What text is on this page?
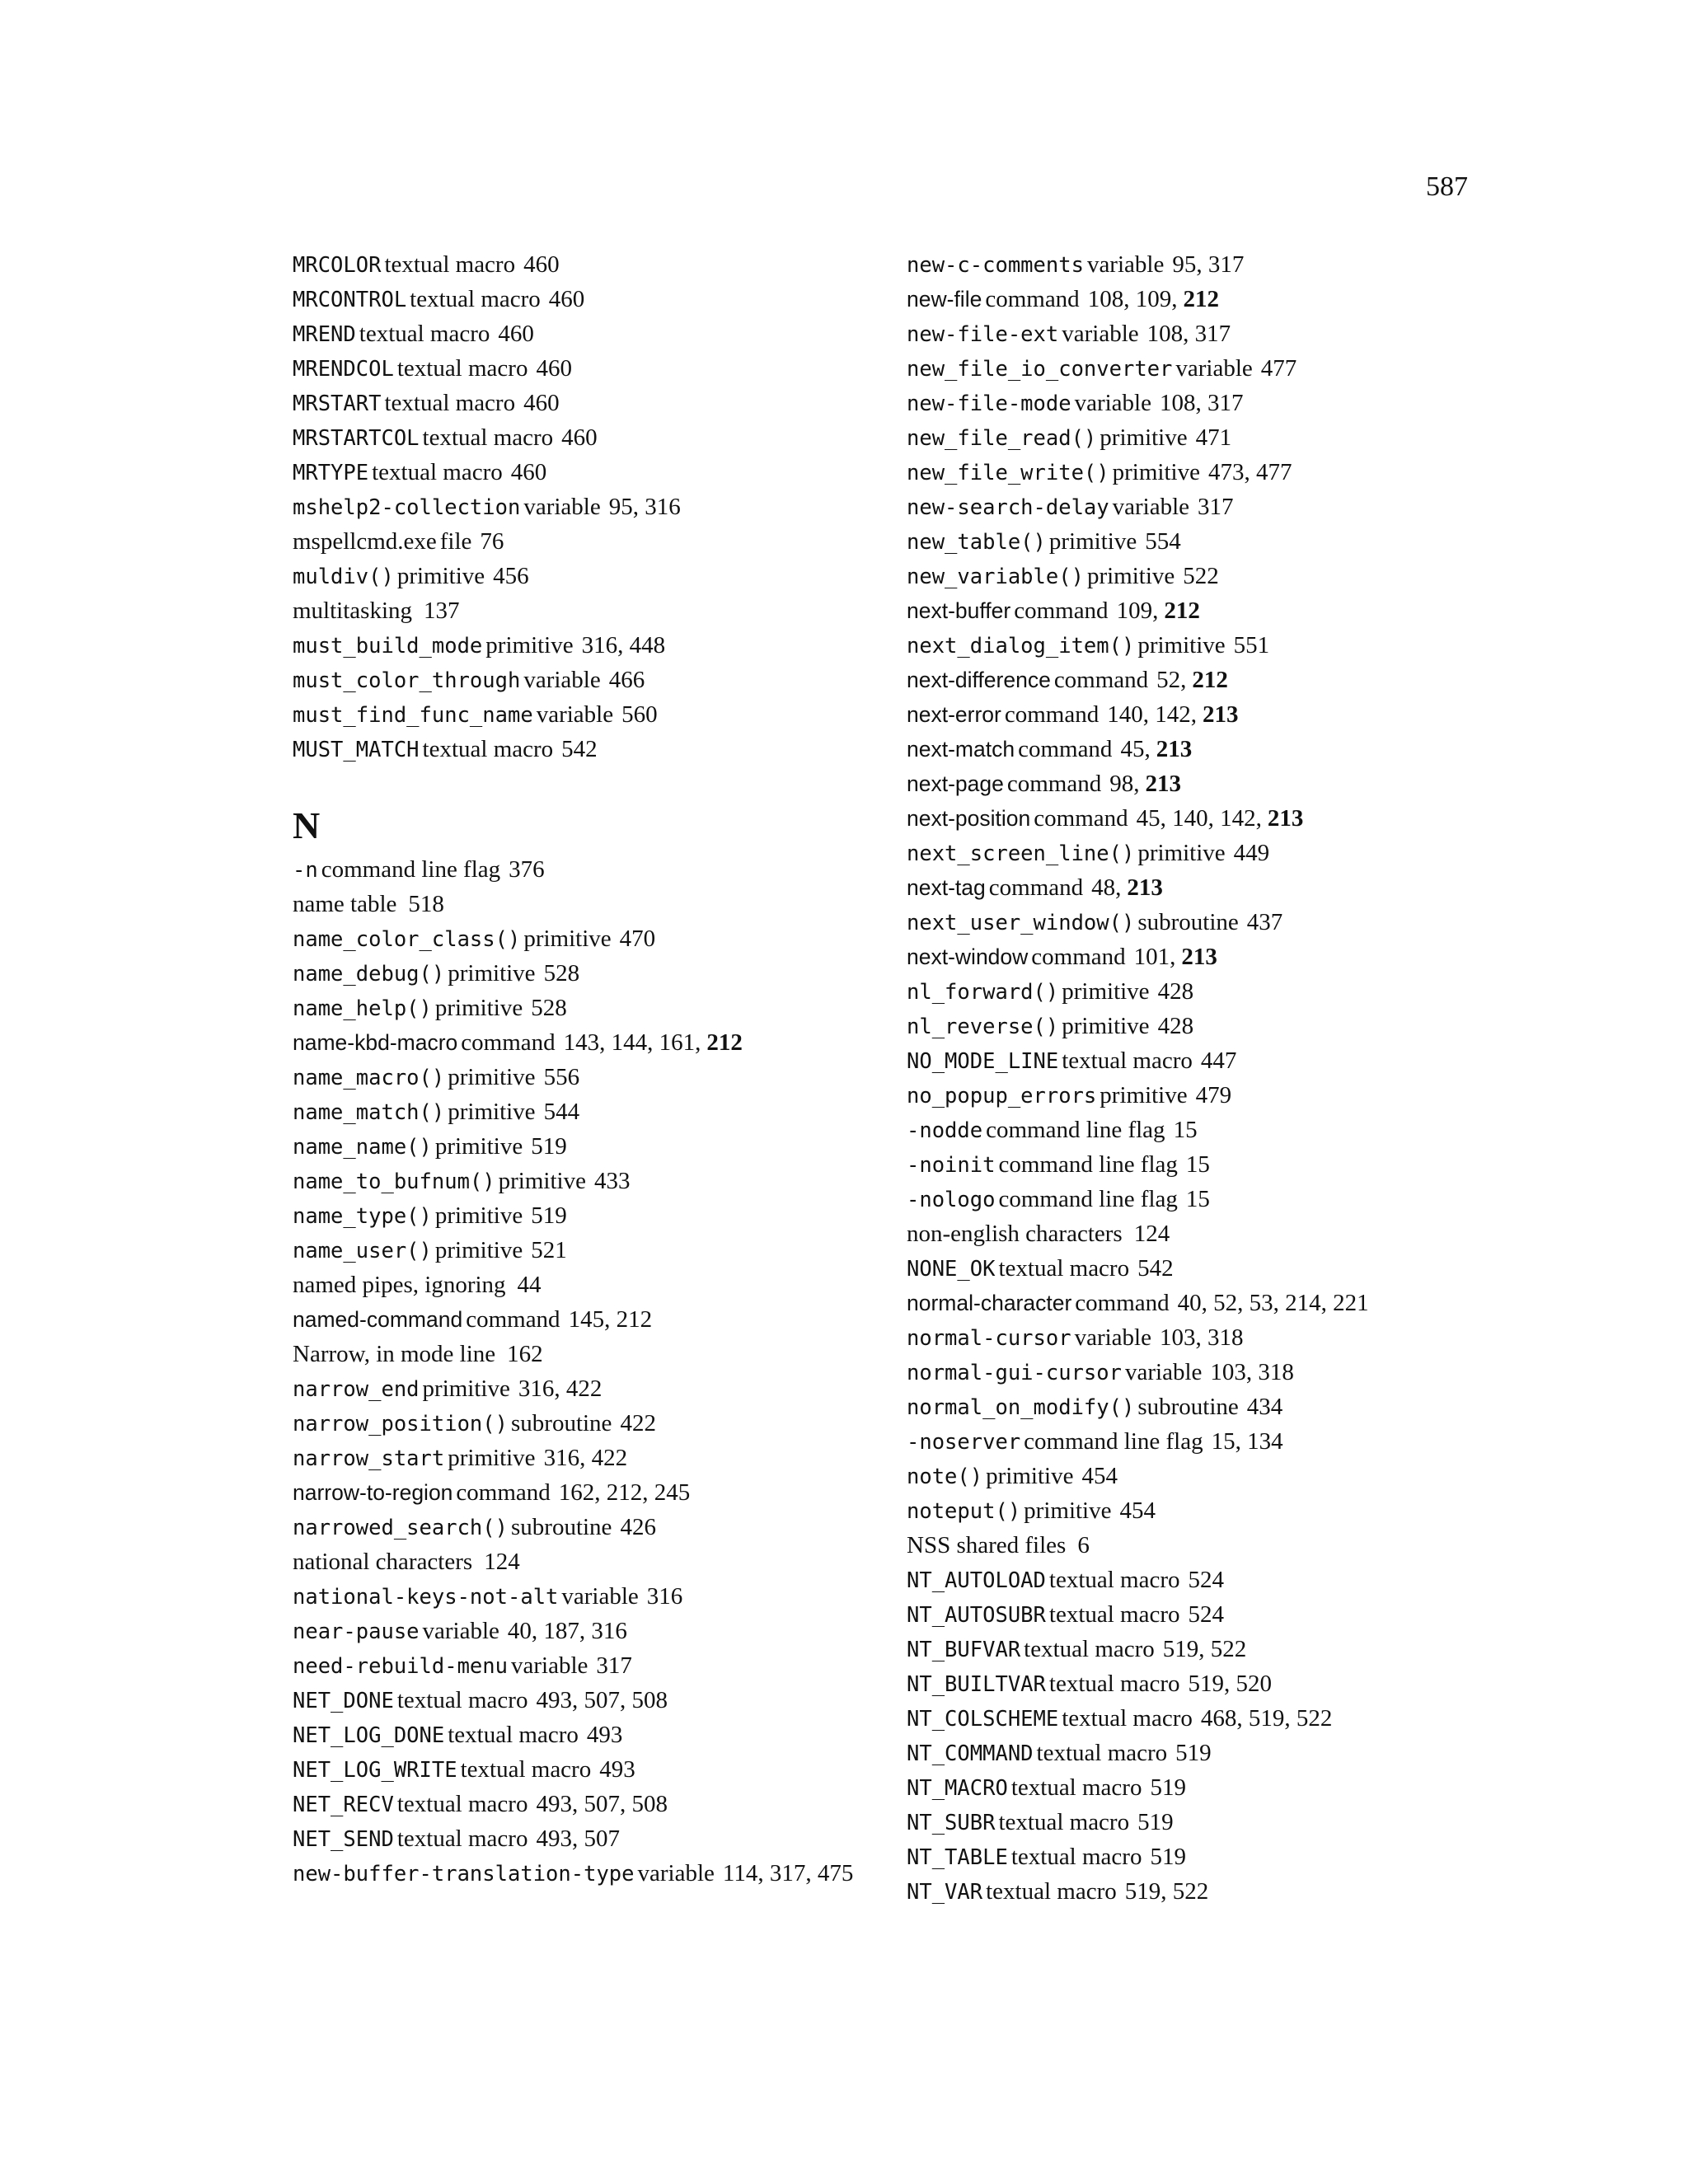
587
MRCOLOR textual macro 460
MRCONTROL textual macro 460
MREND textual macro 460
MRENDCOL textual macro 460
MRSTART textual macro 460
MRSTARTCOL textual macro 460
MRTYPE textual macro 460
mshelp2-collection variable 95, 316
mspellcmd.exe file 76
muldiv() primitive 456
multitasking 137
must_build_mode primitive 316, 448
must_color_through variable 466
must_find_func_name variable 560
MUST_MATCH textual macro 542
N
-n command line flag 376
name table 518
name_color_class() primitive 470
name_debug() primitive 528
name_help() primitive 528
name-kbd-macro command 143, 144, 161, 212
name_macro() primitive 556
name_match() primitive 544
name_name() primitive 519
name_to_bufnum() primitive 433
name_type() primitive 519
name_user() primitive 521
named pipes, ignoring 44
named-command command 145, 212
Narrow, in mode line 162
narrow_end primitive 316, 422
narrow_position() subroutine 422
narrow_start primitive 316, 422
narrow-to-region command 162, 212, 245
narrowed_search() subroutine 426
national characters 124
national-keys-not-alt variable 316
near-pause variable 40, 187, 316
need-rebuild-menu variable 317
NET_DONE textual macro 493, 507, 508
NET_LOG_DONE textual macro 493
NET_LOG_WRITE textual macro 493
NET_RECV textual macro 493, 507, 508
NET_SEND textual macro 493, 507
new-buffer-translation-type variable 114, 317, 475
new-c-comments variable 95, 317
new-file command 108, 109, 212
new-file-ext variable 108, 317
new_file_io_converter variable 477
new-file-mode variable 108, 317
new_file_read() primitive 471
new_file_write() primitive 473, 477
new-search-delay variable 317
new_table() primitive 554
new_variable() primitive 522
next-buffer command 109, 212
next_dialog_item() primitive 551
next-difference command 52, 212
next-error command 140, 142, 213
next-match command 45, 213
next-page command 98, 213
next-position command 45, 140, 142, 213
next_screen_line() primitive 449
next-tag command 48, 213
next_user_window() subroutine 437
next-window command 101, 213
nl_forward() primitive 428
nl_reverse() primitive 428
NO_MODE_LINE textual macro 447
no_popup_errors primitive 479
-nodde command line flag 15
-noinit command line flag 15
-nologo command line flag 15
non-english characters 124
NONE_OK textual macro 542
normal-character command 40, 52, 53, 214, 221
normal-cursor variable 103, 318
normal-gui-cursor variable 103, 318
normal_on_modify() subroutine 434
-noserver command line flag 15, 134
note() primitive 454
noteput() primitive 454
NSS shared files 6
NT_AUTOLOAD textual macro 524
NT_AUTOSUBR textual macro 524
NT_BUFVAR textual macro 519, 522
NT_BUILTVAR textual macro 519, 520
NT_COLSCHEME textual macro 468, 519, 522
NT_COMMAND textual macro 519
NT_MACRO textual macro 519
NT_SUBR textual macro 519
NT_TABLE textual macro 519
NT_VAR textual macro 519, 522
